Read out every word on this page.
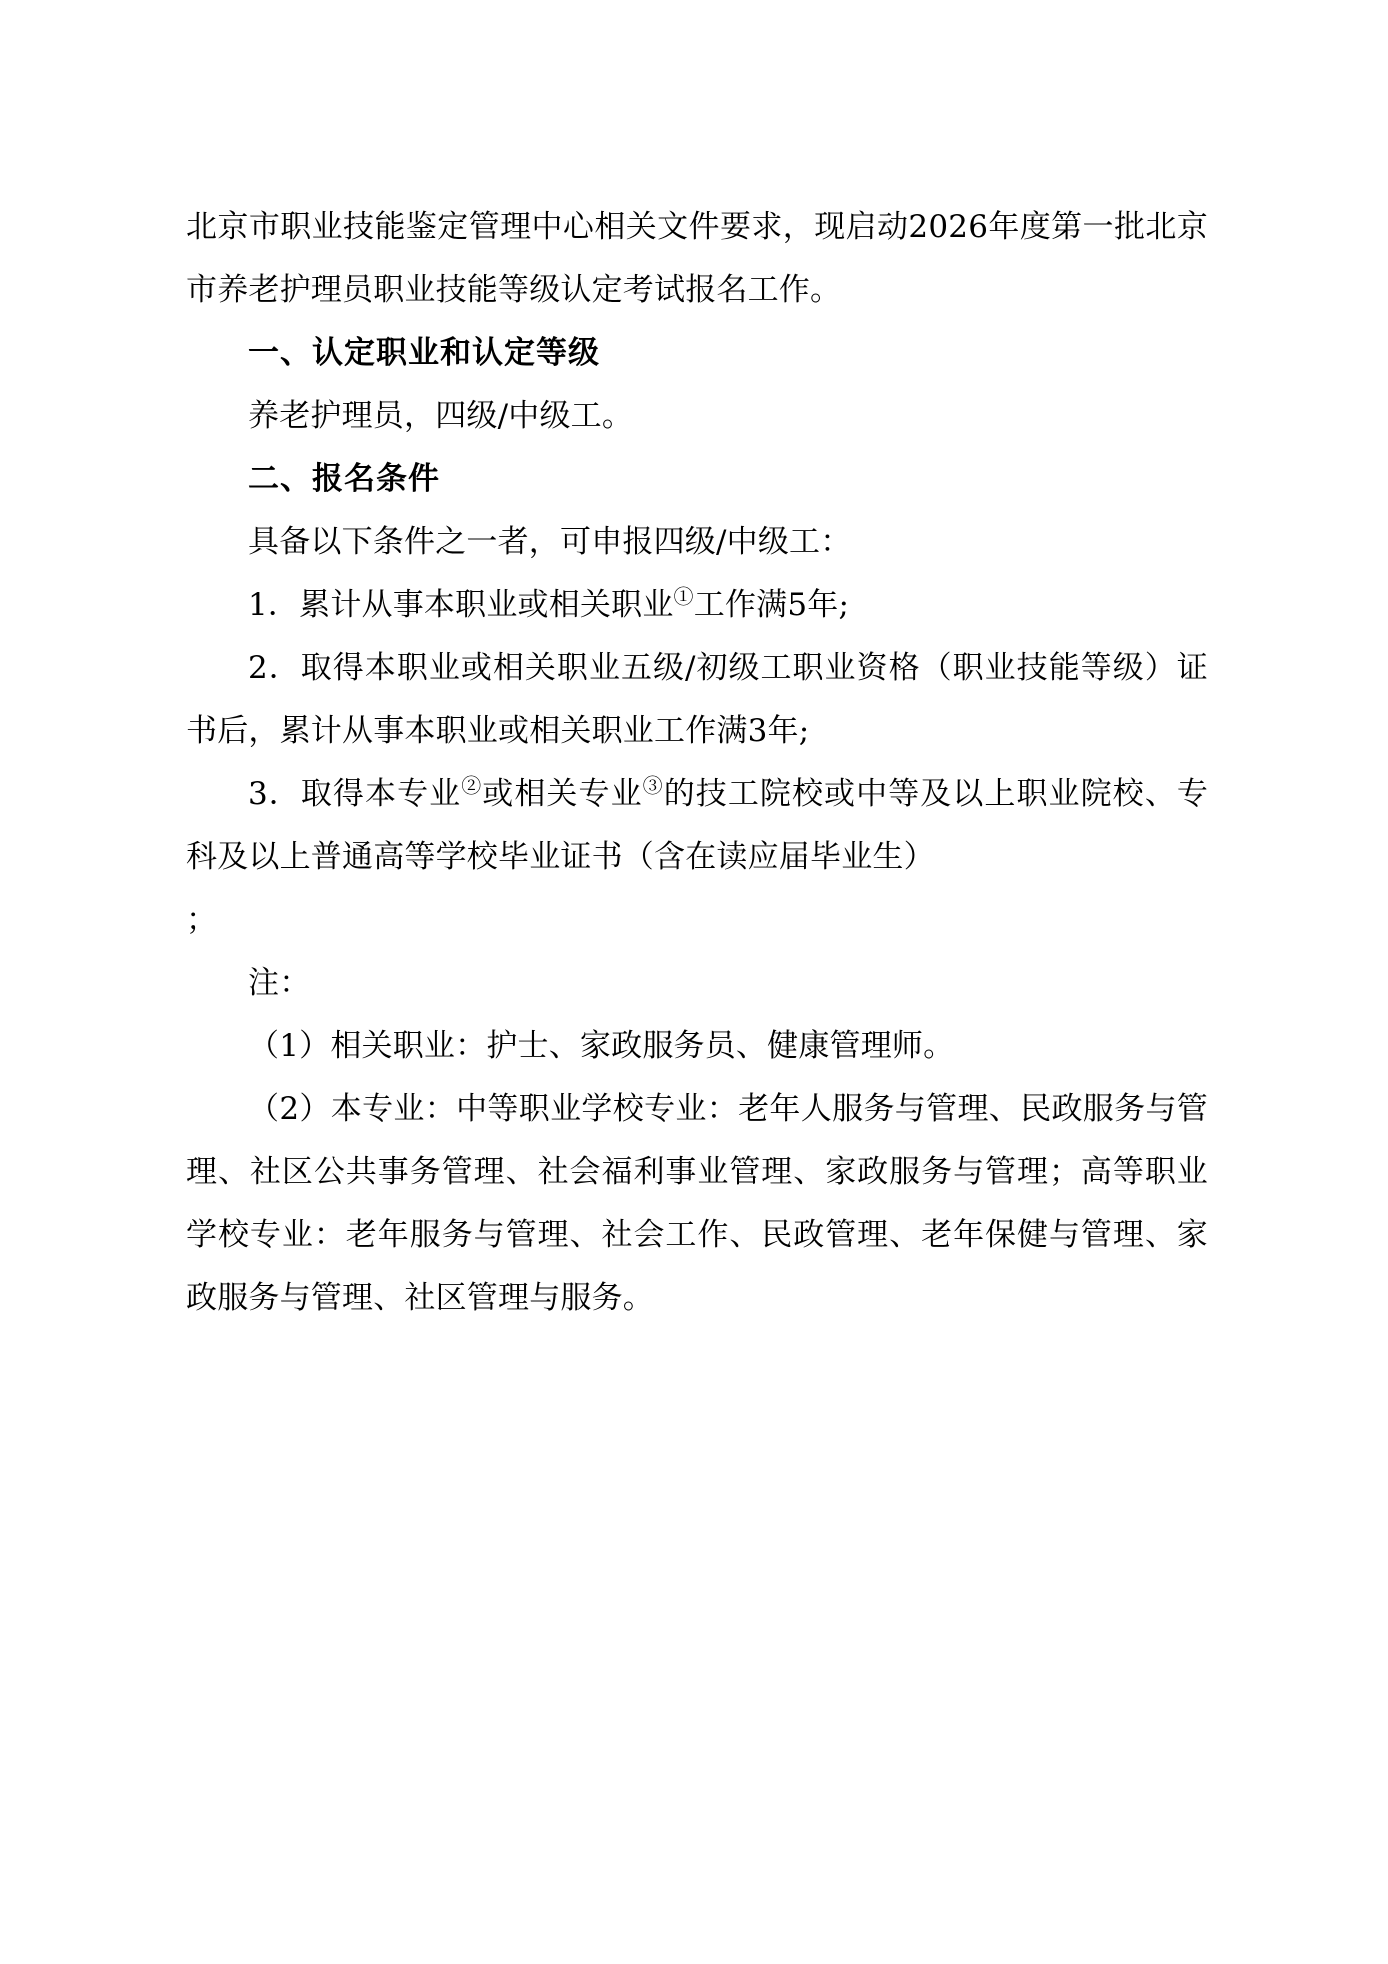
北京市职业技能鉴定管理中心相关文件要求，现启动2026年度第一批北京市养老护理员职业技能等级认定考试报名工作。

一、认定职业和认定等级

养老护理员，四级/中级工。

二、报名条件

具备以下条件之一者，可申报四级/中级工：

1．累计从事本职业或相关职业①工作满5年;

2．取得本职业或相关职业五级/初级工职业资格（职业技能等级）证书后，累计从事本职业或相关职业工作满3年;

3．取得本专业②或相关专业③的技工院校或中等及以上职业院校、专科及以上普通高等学校毕业证书（含在读应届毕业生）

；

注：

（1）相关职业：护士、家政服务员、健康管理师。

（2）本专业：中等职业学校专业：老年人服务与管理、民政服务与管理、社区公共事务管理、社会福利事业管理、家政服务与管理；高等职业学校专业：老年服务与管理、社会工作、民政管理、老年保健与管理、家政服务与管理、社区管理与服务。
